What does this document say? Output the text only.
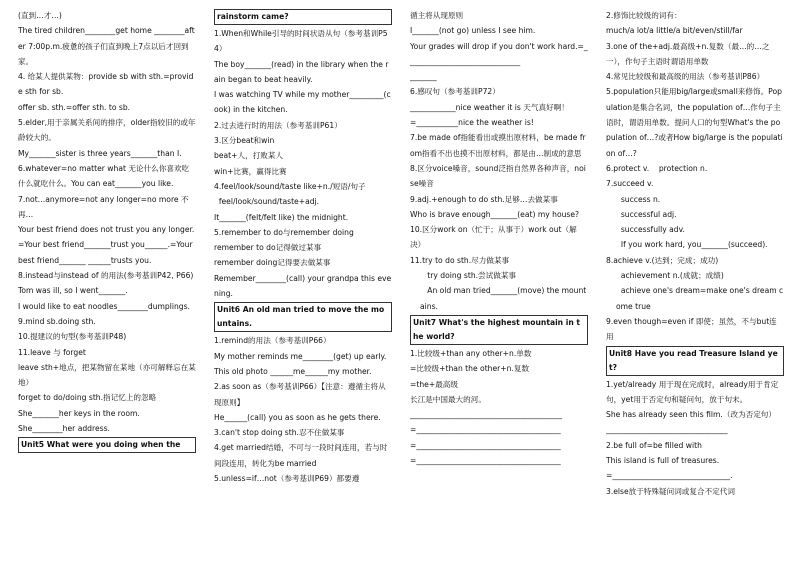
(直到…才…)
The tired children________get home ________after 7:00p.m.疲惫的孩子们直到晚上7点以后才回到家。
4. 给某人提供某物：provide sb with sth.=provide sth for sb.
offer sb. sth.=offer sth. to sb.
5.elder,用于亲属关系间的排序，older指较旧的或年龄较大的。
My_______sister is three years_______than I.
6.whatever=no matter what 无论什么你喜欢吃什么就吃什么。You can eat_______you like.
7.not…anymore=not any longer=no more 不再…
Your best friend does not trust you any longer.=Your best friend_______trust you______.=Your best friend_______ ______trusts you.
8.instead与instead of 的用法(参考基训P42, P66)
Tom was ill, so I went_______.
I would like to eat noodles________dumplings.
9.mind sb.doing sth.
10.提建议的句型(参考基训P48)
11.leave 与 forget
leave sth+地点，把某物留在某地（亦可解释忘在某地）
forget to do/doing sth.指记忆上的忽略
She_______her keys in the room.
She________her address.
Unit5 What were you doing when the
rainstorm came?
1.When和While引导的时间状语从句（参考基训P54）
The boy_______(read) in the library when the rain began to beat heavily.
I was watching TV while my mother_________(cook) in the kitchen.
2.过去进行时的用法（参考基训P61）
3.区分beat和win
beat+人，打败某人
win+比赛，赢得比赛
4.feel/look/sound/taste like+n./短语/句子
feel/look/sound/taste+adj.
It_______(felt/felt like) the midnight.
5.remember to do与remember doing
remember to do记得做过某事
remember doing记得要去做某事
Remember________(call) your grandpa this evening.
Unit6 An old man tried to move the mountains.
1.remind的用法（参考基训P66）
My mother reminds me________(get) up early.
This old photo ______me______my mother.
2.as soon as（参考基训P66）【注意：遵循主将从现原则】
He______(call) you as soon as he gets there.
3.can't stop doing sth.忍不住做某事
4.get married结婚，不可与一段时间连用，若与时间段连用，转化为be married
5.unless=if…not（参考基训P69）都要遵
循主将从现原则
I_______(not go) unless I see him.
Your grades will drop if you don't work hard.=______________________________
_______
6.感叹句（参考基训P72）
____________nice weather it is 天气真好啊！
=___________nice the weather is!
7.be made of指能看出或摸出原材料，be made from指看不出也摸不出原材料，都是由…制成的意思
8.区分voice嗓音，sound泛指自然界各种声音，noise噪音
9.adj.+enough to do sth.足够…去做某事
Who is brave enough_______(eat) my house?
10.区分work on（忙于；从事于）work out（解决）
11.try to do sth.尽力做某事
try doing sth.尝试做某事
An old man tried_______(move) the mountains.
Unit7 What's the highest mountain in the world?
1.比较级+than any other+n.单数
=比较级+than the other+n.复数
=the+最高级
长江是中国最大的河。
________________________________________
=______________________________________
=______________________________________
=______________________________________
2.修饰比较级的词有：
much/a lot/a little/a bit/even/still/far
3.one of the+adj.最高级+n.复数（最…的…之一），作句子主语时谓语用单数
4.常见比较级和最高级的用法（参考基训P86）
5.population只能用big/large或small来修饰。Population是集合名词，the population of…作句子主语时，谓语用单数。提问人口的句型What's the population of…?或者How big/large is the population of…?
6.protect v.    protection n.
7.succeed v.
success n.
successful adj.
successfully adv.
If you work hard, you_______(succeed).
8.achieve v.(达到；完成；成功)
achievement n.(成就；成绩)
achieve one's dream=make one's dream come true
9.even though=even if 即使；虽然，不与but连用
Unit8 Have you read Treasure Island yet?
1.yet/already 用于现在完成时，already用于肯定句，yet用于否定句和疑问句，放于句末。
She has already seen this film.（改为否定句）
________________________________
2.be full of=be filled with
This island is full of treasures.
=_______________________________.
3.else放于特殊疑问词或复合不定代词
